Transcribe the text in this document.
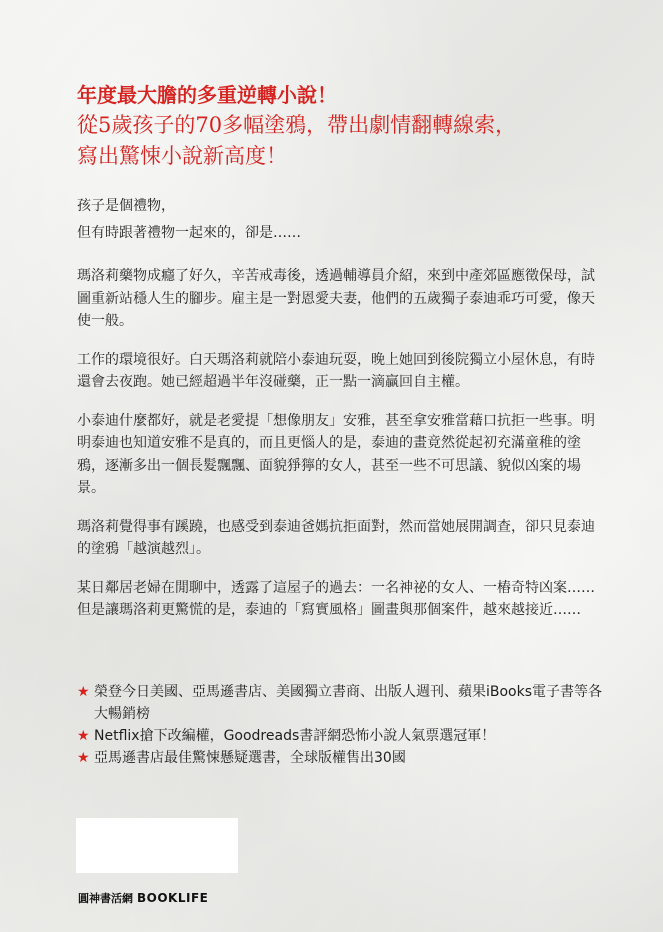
年度最大膽的多重逆轉小說！
從5歲孩子的70多幅塗鴉，帶出劇情翻轉線索，
寫出驚悚小說新高度！
孩子是個禮物，
但有時跟著禮物一起來的，卻是……

瑪洛莉藥物成癮了好久，辛苦戒毒後，透過輔導員介紹，來到中產郊區應徵保母，試圖重新站穩人生的腳步。雇主是一對恩愛夫妻，他們的五歲獨子泰迪乖巧可愛，像天使一般。

工作的環境很好。白天瑪洛莉就陪小泰迪玩耍，晚上她回到後院獨立小屋休息，有時還會去夜跑。她已經超過半年沒碰藥，正一點一滴贏回自主權。

小泰迪什麼都好，就是老愛提「想像朋友」安雅，甚至拿安雅當藉口抗拒一些事。明明泰迪也知道安雅不是真的，而且更惱人的是，泰迪的畫竟然從起初充滿童稚的塗鴉，逐漸多出一個長髮飄飄、面貌猙獰的女人，甚至一些不可思議、貌似凶案的場景。

瑪洛莉覺得事有蹊蹺，也感受到泰迪爸媽抗拒面對，然而當她展開調查，卻只見泰迪的塗鴉「越演越烈」。

某日鄰居老婦在閒聊中，透露了這屋子的過去：一名神祕的女人、一樁奇特凶案……

但是讓瑪洛莉更驚慌的是，泰迪的「寫實風格」圖畫與那個案件，越來越接近……

★ 榮登今日美國、亞馬遜書店、美國獨立書商、出版人週刊、蘋果iBooks電子書等各大暢銷榜
★ Netflix搶下改編權，Goodreads書評網恐怖小說人氣票選冠軍！
★ 亞馬遜書店最佳驚悚懸疑選書，全球版權售出30國
圓神書活網 BOOKLIFE
